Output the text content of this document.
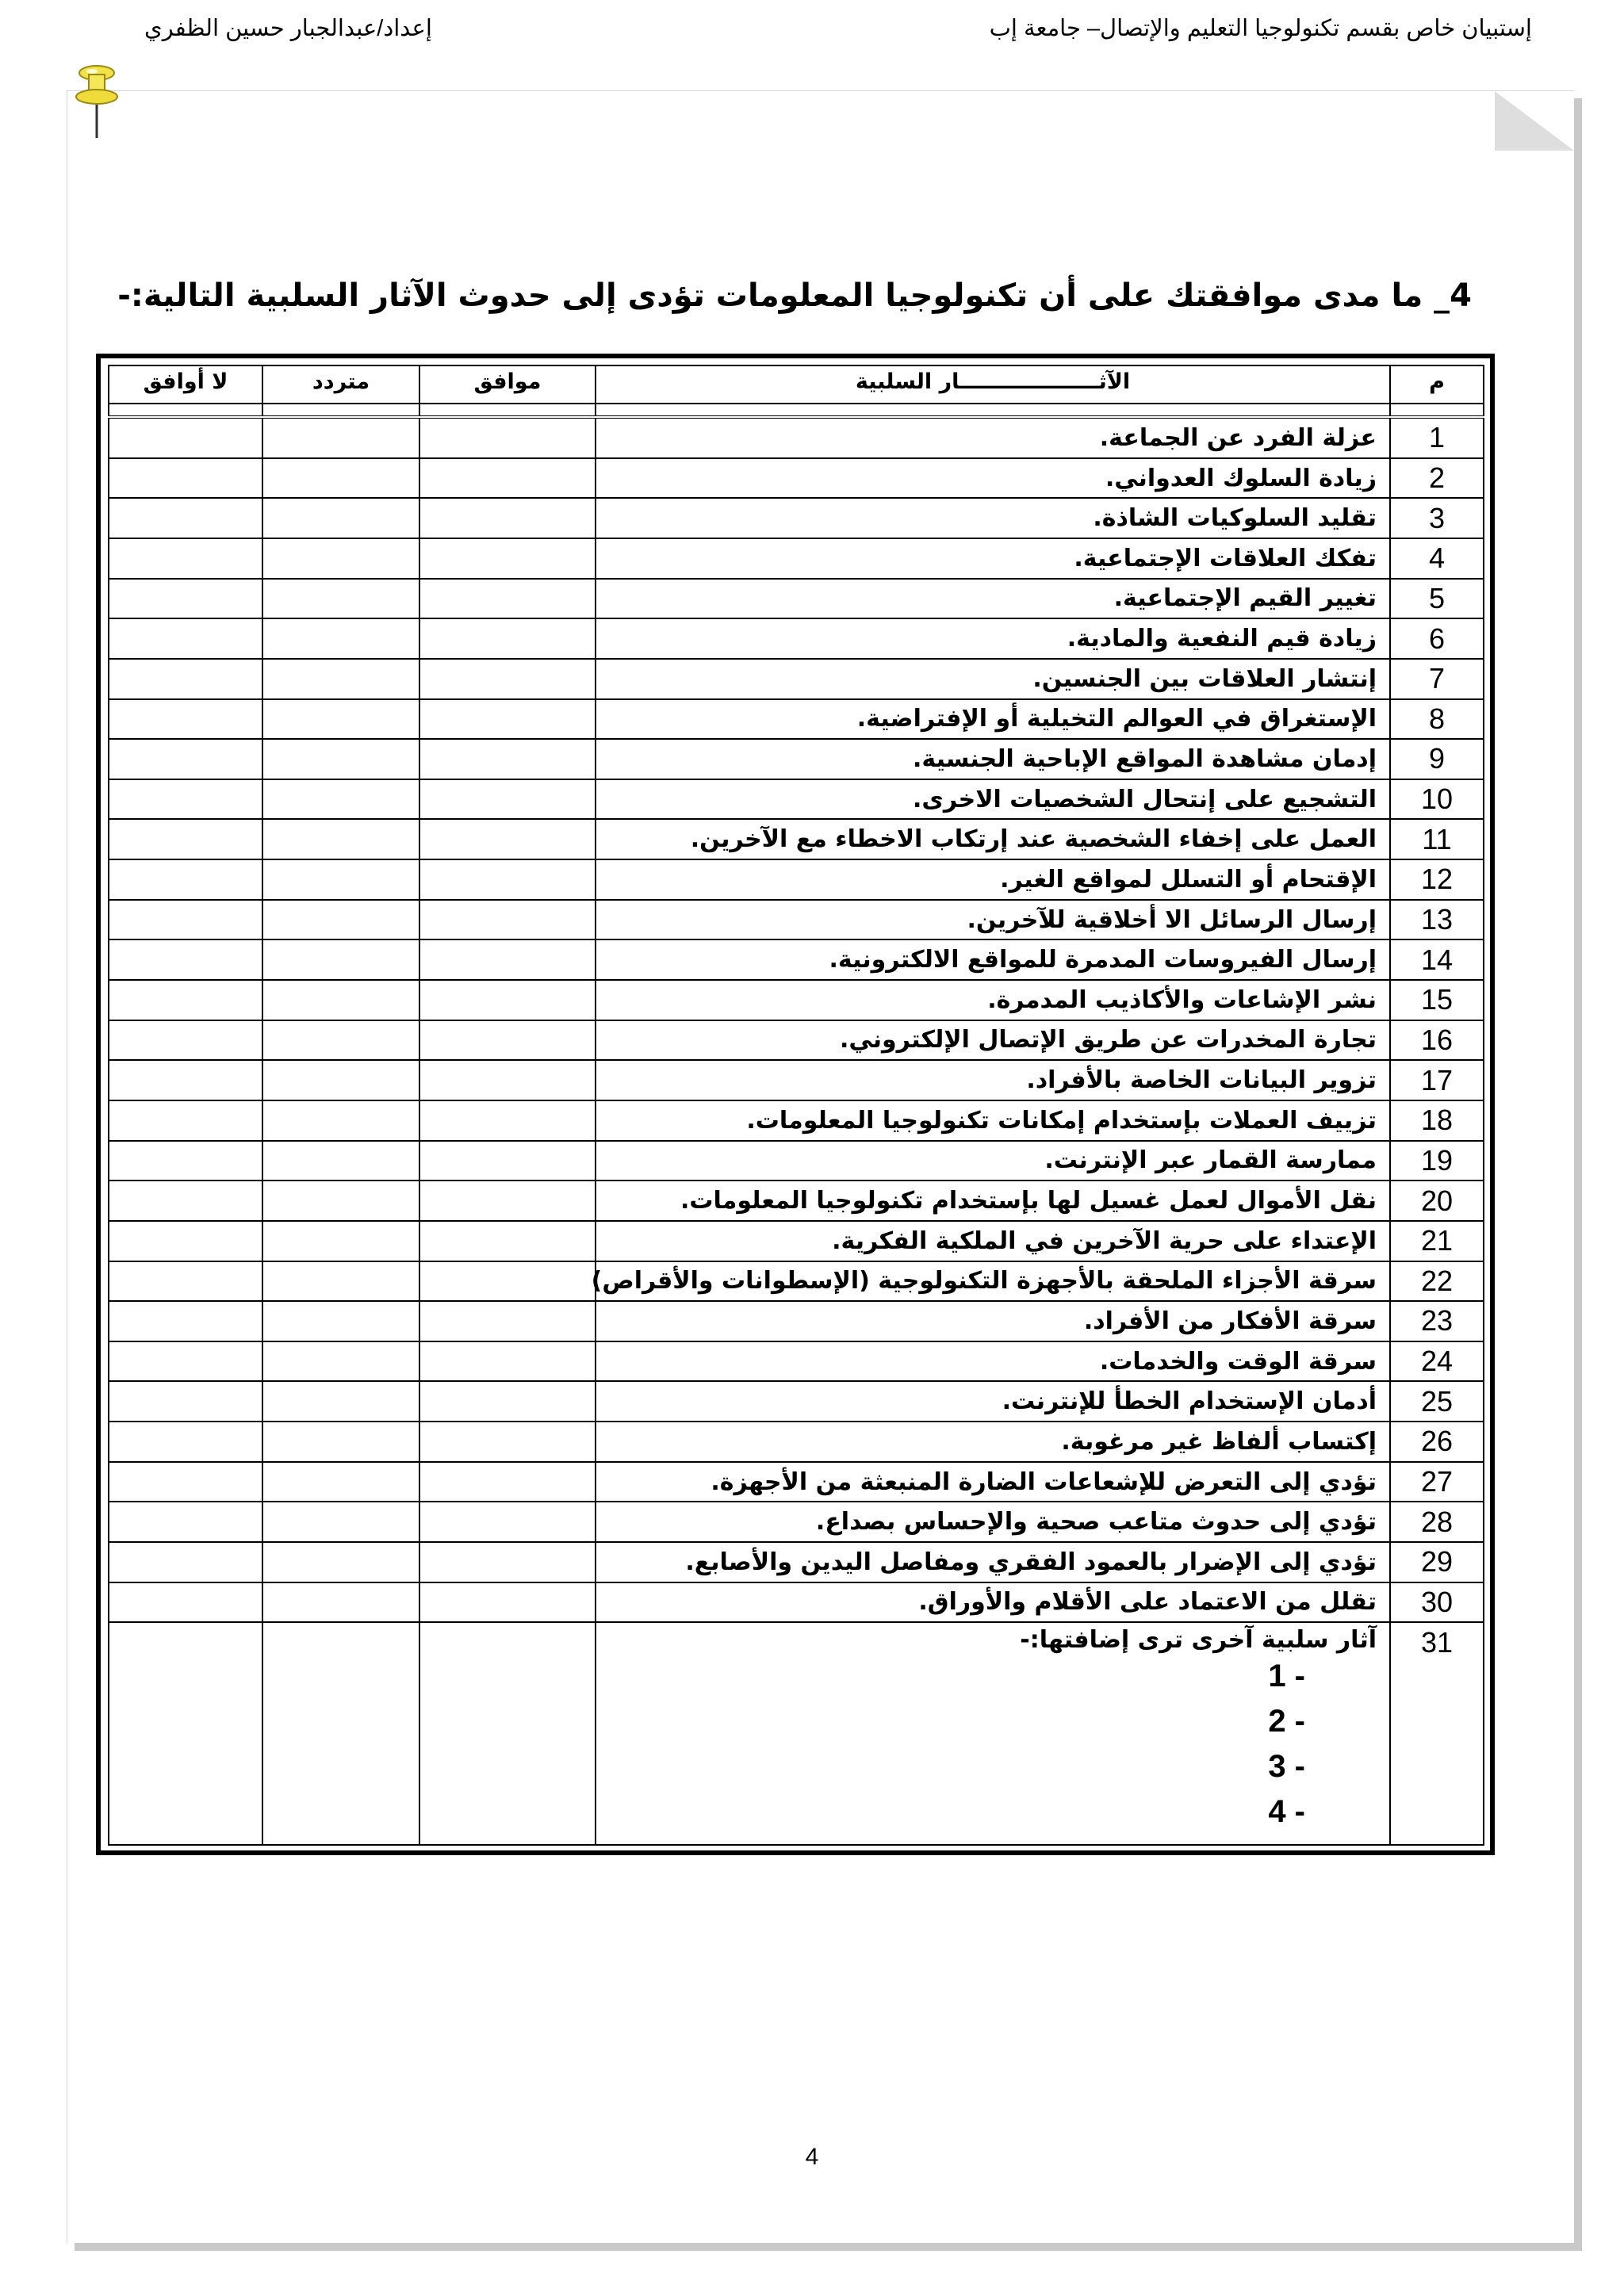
إستبيان خاص بقسم تكنولوجيا التعليم والإتصال– جامعة إب
إعداد/عبدالجبار حسين الظفري
4_ ما مدى موافقتك على أن تكنولوجيا المعلومات تؤدى إلى حدوث الآثار السلبية التالية:-
م	الآثـــــــــــــــــــار السلبية	موافق	متردد	لا أوافق

1	عزلة الفرد عن الجماعة.			
2	زيادة السلوك العدواني.			
3	تقليد السلوكيات الشاذة.			
4	تفكك العلاقات الإجتماعية.			
5	تغيير القيم الإجتماعية.			
6	زيادة قيم النفعية والمادية.			
7	إنتشار العلاقات بين الجنسين.			
8	الإستغراق في العوالم التخيلية أو الإفتراضية.			
9	إدمان مشاهدة المواقع الإباحية الجنسية.			
10	التشجيع على إنتحال الشخصيات الاخرى.			
11	العمل على إخفاء الشخصية عند إرتكاب الاخطاء مع الآخرين.			
12	الإقتحام أو التسلل لمواقع الغير.			
13	إرسال الرسائل الا أخلاقية للآخرين.			
14	إرسال الفيروسات المدمرة للمواقع الالكترونية.			
15	نشر الإشاعات والأكاذيب المدمرة.			
16	تجارة المخدرات عن طريق الإتصال الإلكتروني.			
17	تزوير البيانات الخاصة بالأفراد.			
18	تزييف العملات بإستخدام إمكانات تكنولوجيا المعلومات.			
19	ممارسة القمار عبر الإنترنت.			
20	نقل الأموال لعمل غسيل لها بإستخدام تكنولوجيا المعلومات.			
21	الإعتداء على حرية الآخرين في الملكية الفكرية.			
22	سرقة الأجزاء الملحقة بالأجهزة التكنولوجية (الإسطوانات والأقراص)			
23	سرقة الأفكار من الأفراد.			
24	سرقة الوقت والخدمات.			
25	أدمان الإستخدام الخطأ للإنترنت.			
26	إكتساب ألفاظ غير مرغوبة.			
27	تؤدي إلى التعرض للإشعاعات الضارة المنبعثة من الأجهزة.			
28	تؤدي إلى حدوث متاعب صحية والإحساس بصداع.			
29	تؤدي إلى الإضرار بالعمود الفقري ومفاصل اليدين والأصابع.			
30	تقلل من الاعتماد على الأقلام والأوراق.			
31	آثار سلبية آخرى ترى إضافتها:-
1 -
2 -
3 -
4 -			

4
